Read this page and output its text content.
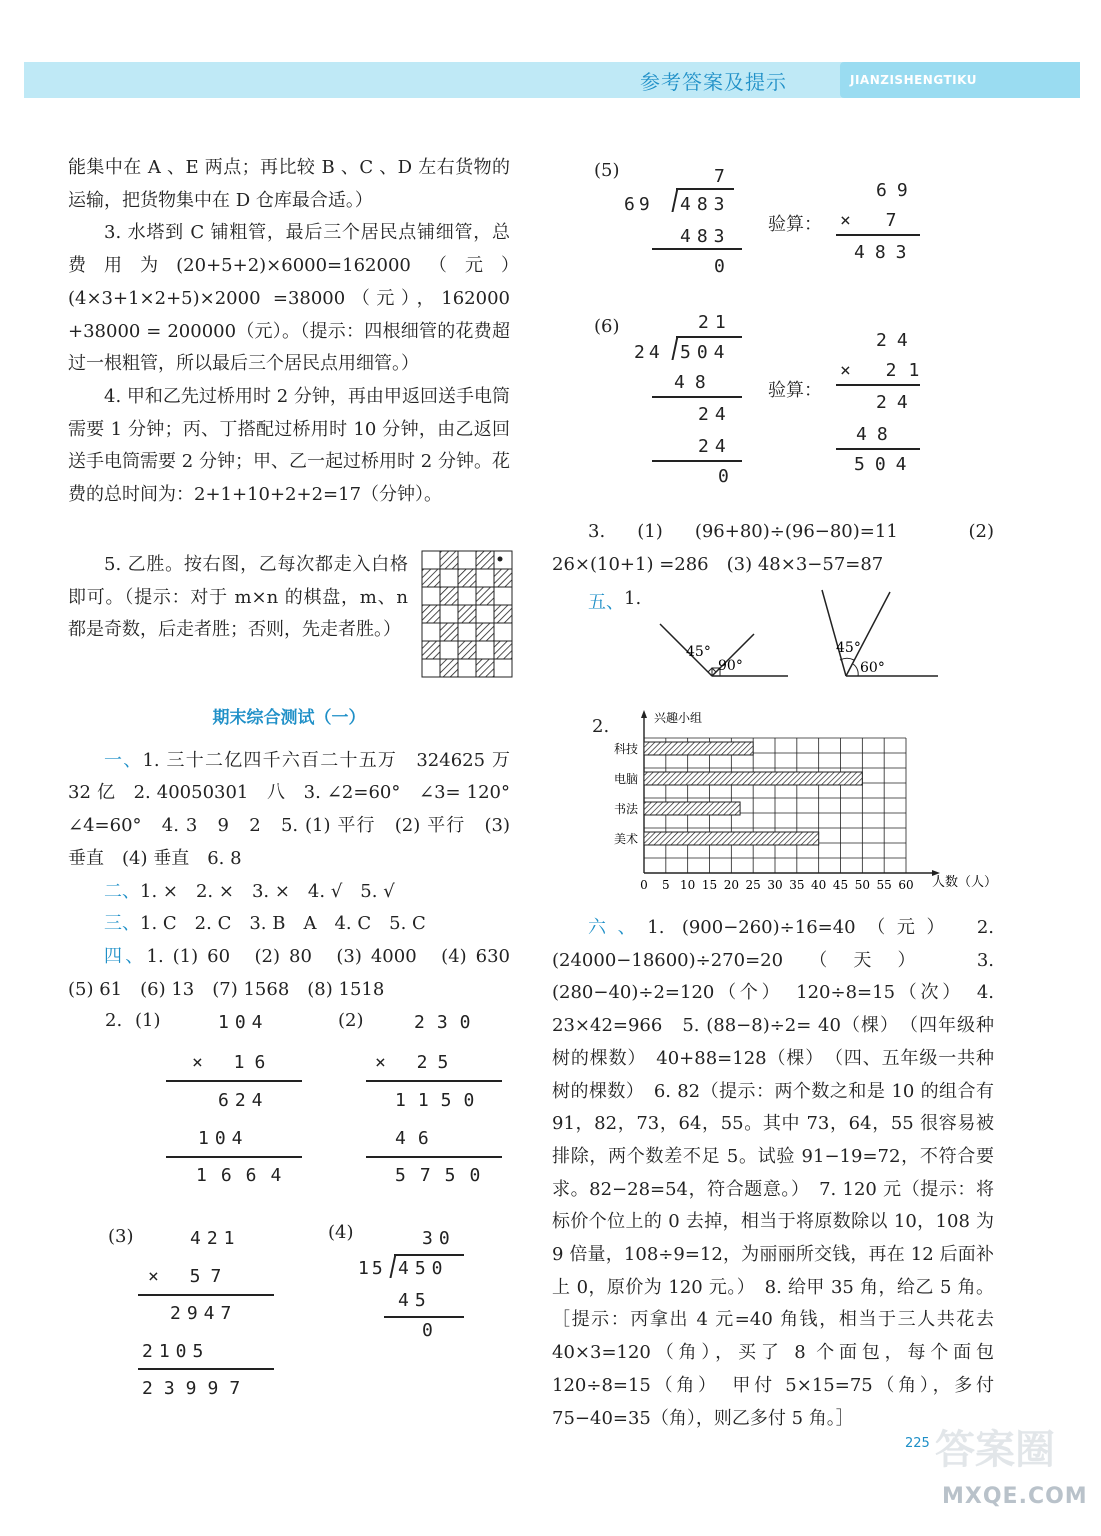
参考答案及提示	JIANZISHENGTIKU

能集中在 A 、E 两点；再比较 B 、C 、D 左右货物的运输，把货物集中在 D 仓库最合适。）

3. 水塔到 C 铺粗管，最后三个居民点铺细管，总费用为(20+5+2)×6000=162000（元）　(4×3+1×2+5)×2000 =38000（元），162000 +38000 = 200000（元）。（提示：四根细管的花费超过一根粗管，所以最后三个居民点用细管。）

4. 甲和乙先过桥用时 2 分钟，再由甲返回送手电筒需要 1 分钟；丙、丁搭配过桥用时 10 分钟，由乙返回送手电筒需要 2 分钟；甲、乙一起过桥用时 2 分钟。花费的总时间为：2+1+10+2+2=17（分钟）。

5. 乙胜。按右图，乙每次都走入白格即可。（提示：对于 m×n 的棋盘，m、n 都是奇数，后走者胜；否则，先走者胜。）

期末综合测试（一）

一、1. 三十二亿四千六百二十五万　324625 万　32 亿　2. 40050301　八　3. ∠2=60°　∠3= 120°　∠4=60°　4. 3　9　2　5. (1) 平行　(2) 平行　(3) 垂直　(4) 垂直　6. 8

二、1. ×　2. ×　3. ×　4. √　5. √

三、1. C　2. C　3. B　A　4. C　5. C

四、1. (1) 60　(2) 80　(3) 4000　(4) 630　(5) 61　(6) 13　(7) 1568　(8) 1518

2. (1)	104
× 16
624
104
1664
(2)	230
× 25
1150
46
5750
(3)	421
× 57
2947
2105
23997
(4)	30
15 450
45
0
(5)	7
69 483
483
0
验算：
69
× 7
483
(6)	21
24 504
48
24
24
0
验算：
24
× 21
24
48
504

3. (1) (96+80)÷(96−80)=11　(2) 26×(10+1) =286　(3) 48×3−57=87

五、 1.
45°
90°
45°
60°
2.	兴趣小组
科技
电脑
书法
美术
0 5 10 15 20 25 30 35 40 45 50 55 60 人数（人）

六、1. (900−260)÷16=40（元）　2. (24000−18600)÷270=20（天）　3. (280−40)÷2=120（个）　120÷8=15（次）　4. 23×42=966　5. (88−8)÷2= 40（棵）　（四年级种树的棵数）　40+88=128（棵）　（四、五年级一共种树的棵数）　6. 82（提示：两个数之和是 10 的组合有 91，82，73，64，55。其中 73，64，55 很容易被排除，两个数差不足 5。试验 91−19=72，不符合要求。82−28=54，符合题意。）　7. 120 元（提示：将标价个位上的 0 去掉，相当于将原数除以 10，108 为 9 倍量，108÷9=12，为丽丽所交钱，再在 12 后面补上 0，原价为 120 元。）　8. 给甲 35 角，给乙 5 角。［提示：丙拿出 4 元=40 角钱，相当于三人共花去 40×3=120（角），买了 8 个面包，每个面包 120÷8=15（角）　甲付 5×15=75（角），多付 75−40=35（角），则乙多付 5 角。］

225 答案圈
MXQE.COM
